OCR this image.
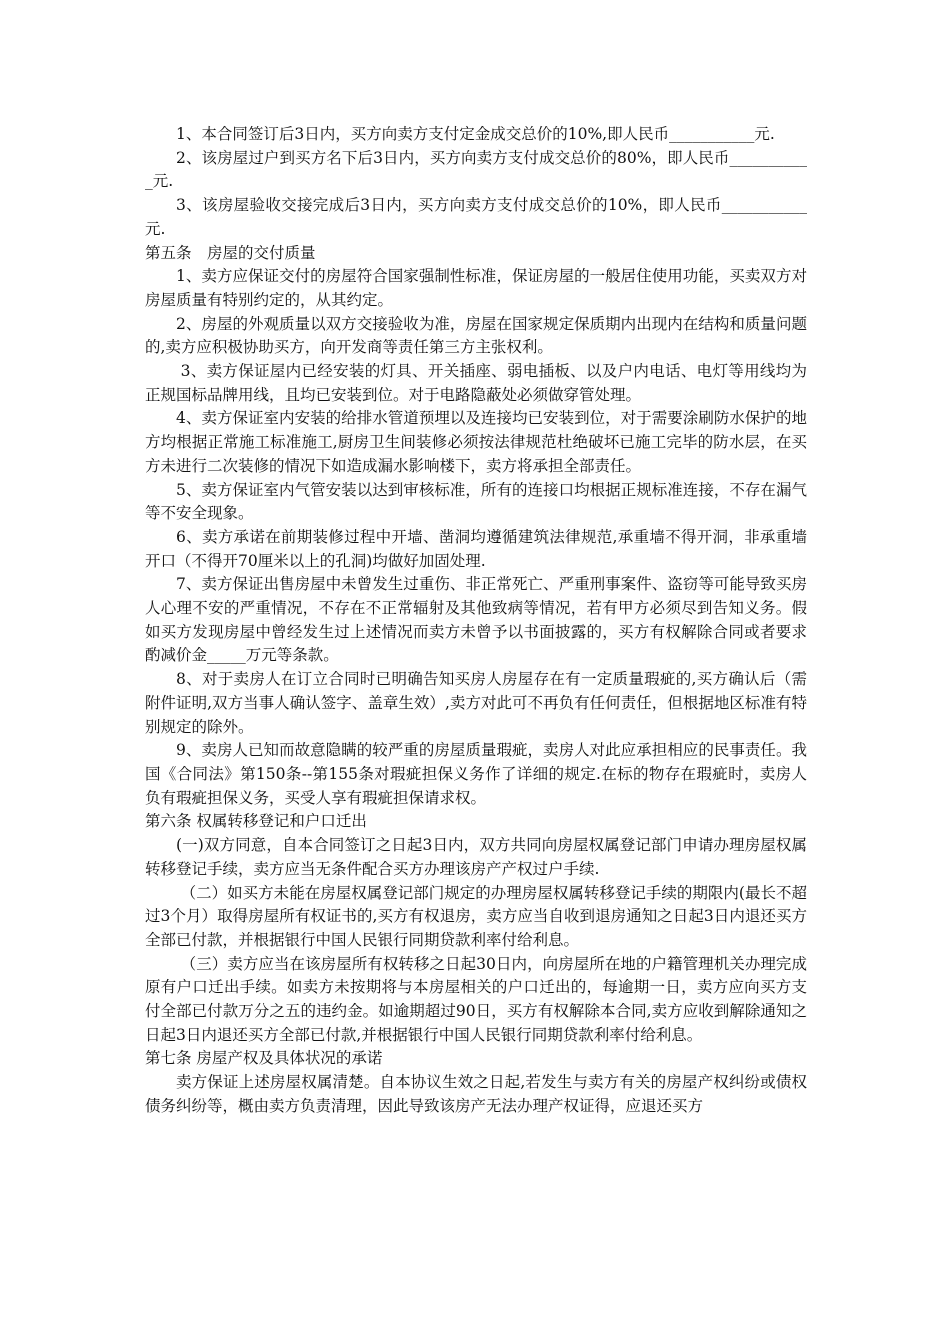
1、本合同签订后3日内，买方向卖方支付定金成交总价的10%,即人民币___________元.

2、该房屋过户到买方名下后3日内，买方向卖方支付成交总价的80%，即人民币___________元.

3、该房屋验收交接完成后3日内，买方向卖方支付成交总价的10%，即人民币___________元.

第五条　房屋的交付质量

1、卖方应保证交付的房屋符合国家强制性标准，保证房屋的一般居住使用功能，买卖双方对房屋质量有特别约定的，从其约定。

2、房屋的外观质量以双方交接验收为准，房屋在国家规定保质期内出现内在结构和质量问题的,卖方应积极协助买方，向开发商等责任第三方主张权利。

3、卖方保证屋内已经安装的灯具、开关插座、弱电插板、以及户内电话、电灯等用线均为正规国标品牌用线，且均已安装到位。对于电路隐蔽处必须做穿管处理。

4、卖方保证室内安装的给排水管道预埋以及连接均已安装到位，对于需要涂刷防水保护的地方均根据正常施工标准施工,厨房卫生间装修必须按法律规范杜绝破坏已施工完毕的防水层，在买方未进行二次装修的情况下如造成漏水影响楼下，卖方将承担全部责任。

5、卖方保证室内气管安装以达到审核标准，所有的连接口均根据正规标准连接，不存在漏气等不安全现象。

6、卖方承诺在前期装修过程中开墙、凿洞均遵循建筑法律规范,承重墙不得开洞，非承重墙开口（不得开70厘米以上的孔洞)均做好加固处理.

7、卖方保证出售房屋中未曾发生过重伤、非正常死亡、严重刑事案件、盗窃等可能导致买房人心理不安的严重情况，不存在不正常辐射及其他致病等情况，若有甲方必须尽到告知义务。假如买方发现房屋中曾经发生过上述情况而卖方未曾予以书面披露的，买方有权解除合同或者要求酌减价金_____万元等条款。

8、对于卖房人在订立合同时已明确告知买房人房屋存在有一定质量瑕疵的,买方确认后（需附件证明,双方当事人确认签字、盖章生效）,卖方对此可不再负有任何责任，但根据地区标准有特别规定的除外。

9、卖房人已知而故意隐瞒的较严重的房屋质量瑕疵，卖房人对此应承担相应的民事责任。我国《合同法》第150条--第155条对瑕疵担保义务作了详细的规定.在标的物存在瑕疵时，卖房人负有瑕疵担保义务，买受人享有瑕疵担保请求权。

第六条 权属转移登记和户口迁出

(一)双方同意，自本合同签订之日起3日内，双方共同向房屋权属登记部门申请办理房屋权属转移登记手续，卖方应当无条件配合买方办理该房产产权过户手续.

（二）如买方未能在房屋权属登记部门规定的办理房屋权属转移登记手续的期限内(最长不超过3个月）取得房屋所有权证书的,买方有权退房，卖方应当自收到退房通知之日起3日内退还买方全部已付款，并根据银行中国人民银行同期贷款利率付给利息。

（三）卖方应当在该房屋所有权转移之日起30日内，向房屋所在地的户籍管理机关办理完成原有户口迁出手续。如卖方未按期将与本房屋相关的户口迁出的，每逾期一日，卖方应向买方支付全部已付款万分之五的违约金。如逾期超过90日，买方有权解除本合同,卖方应收到解除通知之日起3日内退还买方全部已付款,并根据银行中国人民银行同期贷款利率付给利息。

第七条 房屋产权及具体状况的承诺

卖方保证上述房屋权属清楚。自本协议生效之日起,若发生与卖方有关的房屋产权纠纷或债权债务纠纷等，概由卖方负责清理，因此导致该房产无法办理产权证得，应退还买方
